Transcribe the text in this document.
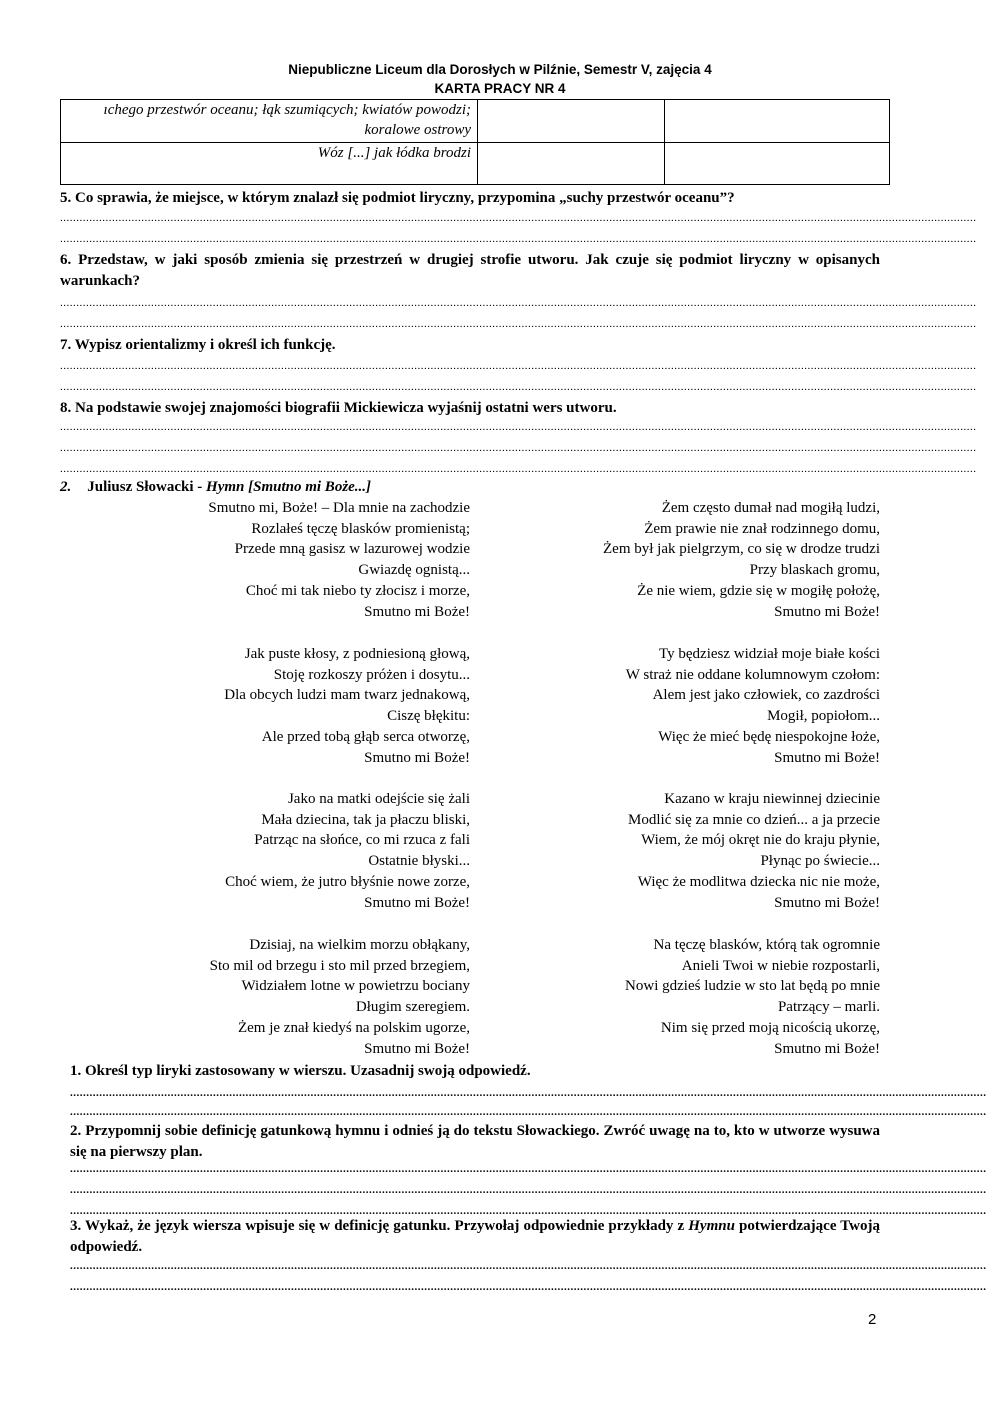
Niepubliczne Liceum dla Dorosłych w Pilźnie, Semestr V, zajęcia 4
KARTA PRACY NR 4
ıchego przestwór oceanu; łąk szumiących; kwiatów powodzi;
koralowe ostrowy		

Wóz [...] jak łódka brodzi		
5. Co sprawia, że miejsce, w którym znalazł się podmiot liryczny, przypomina „suchy przestwór oceanu”?
..........................................................................................................................................................................................................................................................................................
..........................................................................................................................................................................................................................................................................................
6. Przedstaw, w jaki sposób zmienia się przestrzeń w drugiej strofie utworu. Jak czuje się podmiot liryczny w opisanych warunkach?
..........................................................................................................................................................................................................................................................................................
..........................................................................................................................................................................................................................................................................................
7. Wypisz orientalizmy i określ ich funkcję.
..........................................................................................................................................................................................................................................................................................
..........................................................................................................................................................................................................................................................................................
8. Na podstawie swojej znajomości biografii Mickiewicza wyjaśnij ostatni wers utworu.
..........................................................................................................................................................................................................................................................................................
..........................................................................................................................................................................................................................................................................................
..........................................................................................................................................................................................................................................................................................
2. Juliusz Słowacki - Hymn [Smutno mi Boże...]
Smutno mi, Boże! – Dla mnie na zachodzie
Rozlałeś tęczę blasków promienistą;
Przede mną gasisz w lazurowej wodzie
Gwiazdę ognistą...
Choć mi tak niebo ty złocisz i morze,
Smutno mi Boże!
Jak puste kłosy, z podniesioną głową,
Stoję rozkoszy próżen i dosytu...
Dla obcych ludzi mam twarz jednakową,
Ciszę błękitu:
Ale przed tobą głąb serca otworzę,
Smutno mi Boże!
Jako na matki odejście się żali
Mała dziecina, tak ja płaczu bliski,
Patrząc na słońce, co mi rzuca z fali
Ostatnie błyski...
Choć wiem, że jutro błyśnie nowe zorze,
Smutno mi Boże!
Dzisiaj, na wielkim morzu obłąkany,
Sto mil od brzegu i sto mil przed brzegiem,
Widziałem lotne w powietrzu bociany
Długim szeregiem.
Żem je znał kiedyś na polskim ugorze,
Smutno mi Boże!
Żem często dumał nad mogiłą ludzi,
Żem prawie nie znał rodzinnego domu,
Żem był jak pielgrzym, co się w drodze trudzi
Przy blaskach gromu,
Że nie wiem, gdzie się w mogiłę położę,
Smutno mi Boże!
Ty będziesz widział moje białe kości
W straż nie oddane kolumnowym czołom:
Alem jest jako człowiek, co zazdrości
Mogił, popiołom...
Więc że mieć będę niespokojne łoże,
Smutno mi Boże!
Kazano w kraju niewinnej dziecinie
Modlić się za mnie co dzień... a ja przecie
Wiem, że mój okręt nie do kraju płynie,
Płynąc po świecie...
Więc że modlitwa dziecka nic nie może,
Smutno mi Boże!
Na tęczę blasków, którą tak ogromnie
Anieli Twoi w niebie rozpostarli,
Nowi gdzieś ludzie w sto lat będą po mnie
Patrzący – marli.
Nim się przed moją nicością ukorzę,
Smutno mi Boże!
1. Określ typ liryki zastosowany w wierszu. Uzasadnij swoją odpowiedź.
..........................................................................................................................................................................................................................................................................................
..........................................................................................................................................................................................................................................................................................
2. Przypomnij sobie definicję gatunkową hymnu i odnieś ją do tekstu Słowackiego. Zwróć uwagę na to, kto w utworze wysuwa się na pierwszy plan.
..........................................................................................................................................................................................................................................................................................
..........................................................................................................................................................................................................................................................................................
..........................................................................................................................................................................................................................................................................................
3. Wykaż, że język wiersza wpisuje się w definicję gatunku. Przywołaj odpowiednie przykłady z Hymnu potwierdzające Twoją odpowiedź.
..........................................................................................................................................................................................................................................................................................
..........................................................................................................................................................................................................................................................................................
2
